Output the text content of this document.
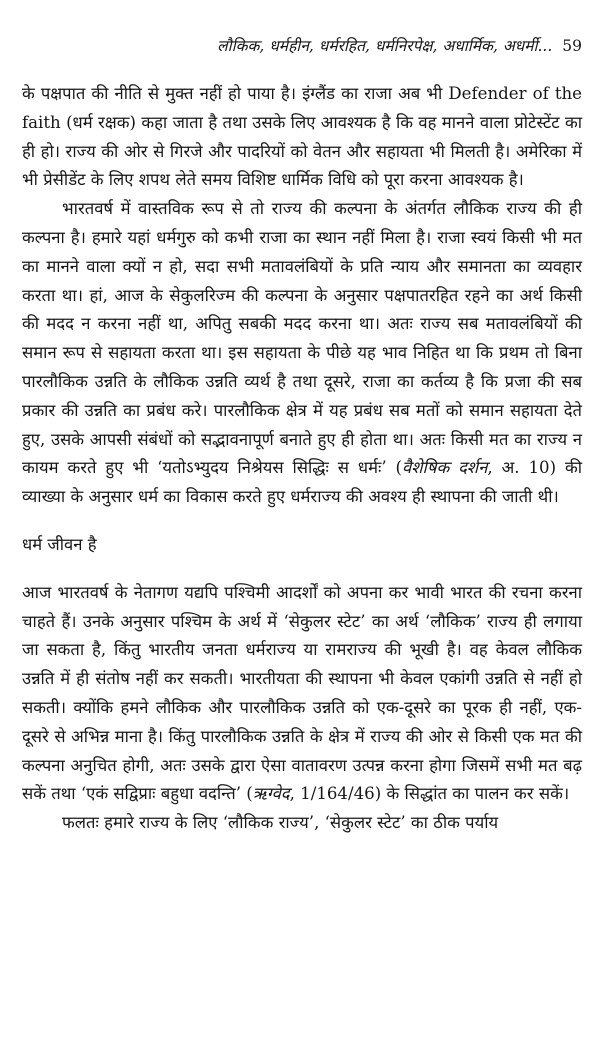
लौकिक, धर्महीन, धर्मरहित, धर्मनिरपेक्ष, अधार्मिक, अधर्मी... 59

के पक्षपात की नीति से मुक्त नहीं हो पाया है। इंग्लैंड का राजा अब भी Defender of the faith (धर्म रक्षक) कहा जाता है तथा उसके लिए आवश्यक है कि वह मानने वाला प्रोटेस्टेंट का ही हो। राज्य की ओर से गिरजे और पादरियों को वेतन और सहायता भी मिलती है। अमेरिका में भी प्रेसीडेंट के लिए शपथ लेते समय विशिष्ट धार्मिक विधि को पूरा करना आवश्यक है।

भारतवर्ष में वास्तविक रूप से तो राज्य की कल्पना के अंतर्गत लौकिक राज्य की ही कल्पना है। हमारे यहां धर्मगुरु को कभी राजा का स्थान नहीं मिला है। राजा स्वयं किसी भी मत का मानने वाला क्यों न हो, सदा सभी मतावलंबियों के प्रति न्याय और समानता का व्यवहार करता था। हां, आज के सेकुलरिज्म की कल्पना के अनुसार पक्षपातरहित रहने का अर्थ किसी की मदद न करना नहीं था, अपितु सबकी मदद करना था। अतः राज्य सब मतावलंबियों की समान रूप से सहायता करता था। इस सहायता के पीछे यह भाव निहित था कि प्रथम तो बिना पारलौकिक उन्नति के लौकिक उन्नति व्यर्थ है तथा दूसरे, राजा का कर्तव्य है कि प्रजा की सब प्रकार की उन्नति का प्रबंध करे। पारलौकिक क्षेत्र में यह प्रबंध सब मतों को समान सहायता देते हुए, उसके आपसी संबंधों को सद्भावनापूर्ण बनाते हुए ही होता था। अतः किसी मत का राज्य न कायम करते हुए भी ‘यतोऽभ्युदय निश्रेयस सिद्धिः स धर्मः’ (वैशेषिक दर्शन, अ. 10) की व्याख्या के अनुसार धर्म का विकास करते हुए धर्मराज्य की अवश्य ही स्थापना की जाती थी।

धर्म जीवन है

आज भारतवर्ष के नेतागण यद्यपि पश्चिमी आदर्शों को अपना कर भावी भारत की रचना करना चाहते हैं। उनके अनुसार पश्चिम के अर्थ में ‘सेकुलर स्टेट’ का अर्थ ‘लौकिक’ राज्य ही लगाया जा सकता है, किंतु भारतीय जनता धर्मराज्य या रामराज्य की भूखी है। वह केवल लौकिक उन्नति में ही संतोष नहीं कर सकती। भारतीयता की स्थापना भी केवल एकांगी उन्नति से नहीं हो सकती। क्योंकि हमने लौकिक और पारलौकिक उन्नति को एक-दूसरे का पूरक ही नहीं, एक-दूसरे से अभिन्न माना है। किंतु पारलौकिक उन्नति के क्षेत्र में राज्य की ओर से किसी एक मत की कल्पना अनुचित होगी, अतः उसके द्वारा ऐसा वातावरण उत्पन्न करना होगा जिसमें सभी मत बढ़ सकें तथा ‘एकं सद्विप्राः बहुधा वदन्ति’ (ऋग्वेद, 1/164/46) के सिद्धांत का पालन कर सकें।

फलतः हमारे राज्य के लिए ‘लौकिक राज्य’, ‘सेकुलर स्टेट’ का ठीक पर्याय
